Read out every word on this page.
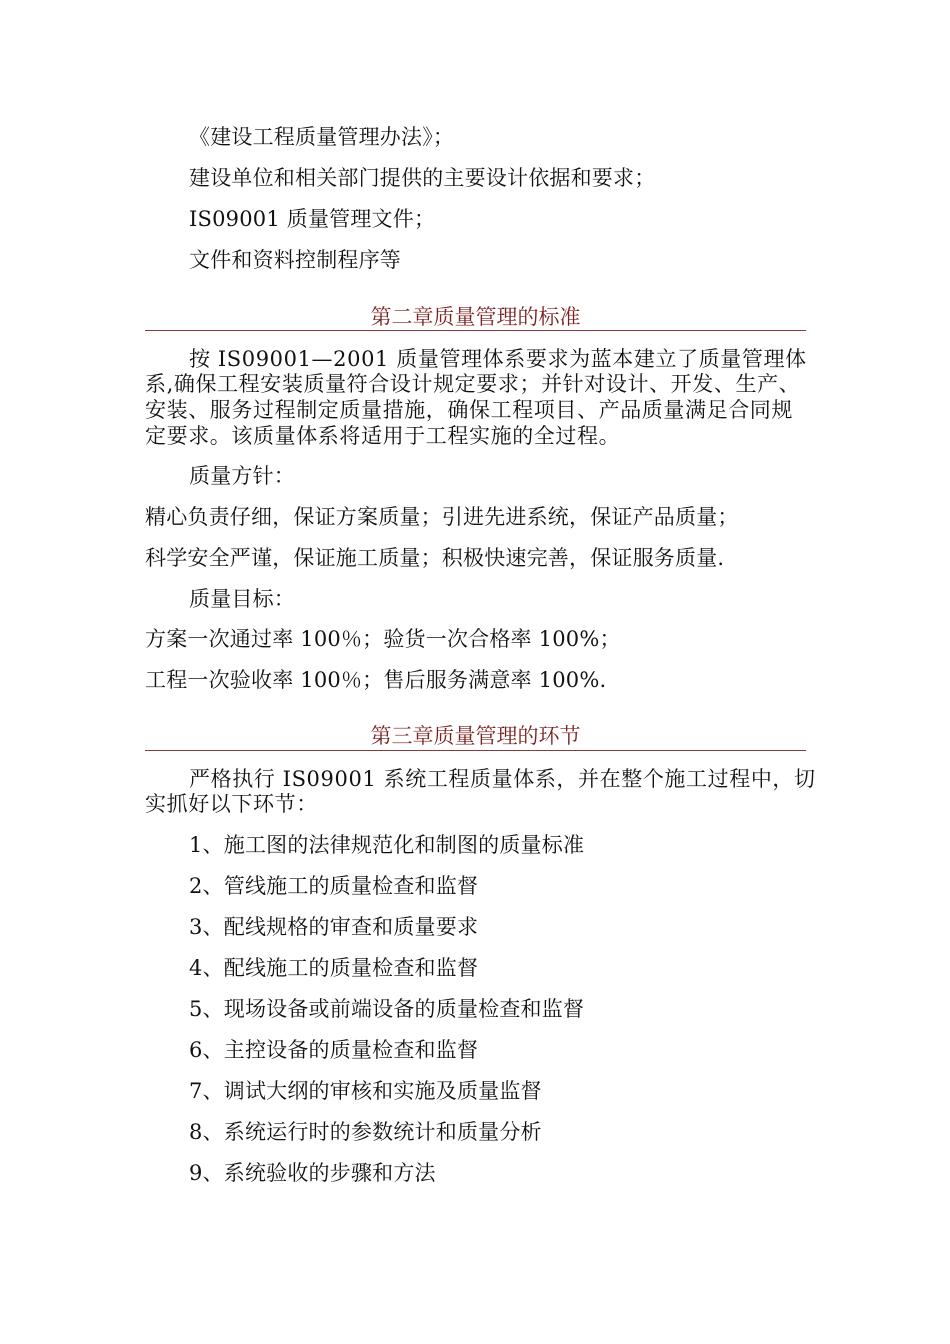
《建设工程质量管理办法》；
建设单位和相关部门提供的主要设计依据和要求；
IS09001 质量管理文件；
文件和资料控制程序等
第二章质量管理的标准
按 IS09001—2001 质量管理体系要求为蓝本建立了质量管理体
系,确保工程安装质量符合设计规定要求；并针对设计、开发、生产、
安装、服务过程制定质量措施，确保工程项目、产品质量满足合同规
定要求。该质量体系将适用于工程实施的全过程。
质量方针：
精心负责仔细，保证方案质量；引进先进系统，保证产品质量；
科学安全严谨，保证施工质量；积极快速完善，保证服务质量.
质量目标：
方案一次通过率 100％；验货一次合格率 100%；
工程一次验收率 100％；售后服务满意率 100%.
第三章质量管理的环节
严格执行 IS09001 系统工程质量体系，并在整个施工过程中，切
实抓好以下环节：
1、施工图的法律规范化和制图的质量标准
2、管线施工的质量检查和监督
3、配线规格的审查和质量要求
4、配线施工的质量检查和监督
5、现场设备或前端设备的质量检查和监督
6、主控设备的质量检查和监督
7、调试大纲的审核和实施及质量监督
8、系统运行时的参数统计和质量分析
9、系统验收的步骤和方法
